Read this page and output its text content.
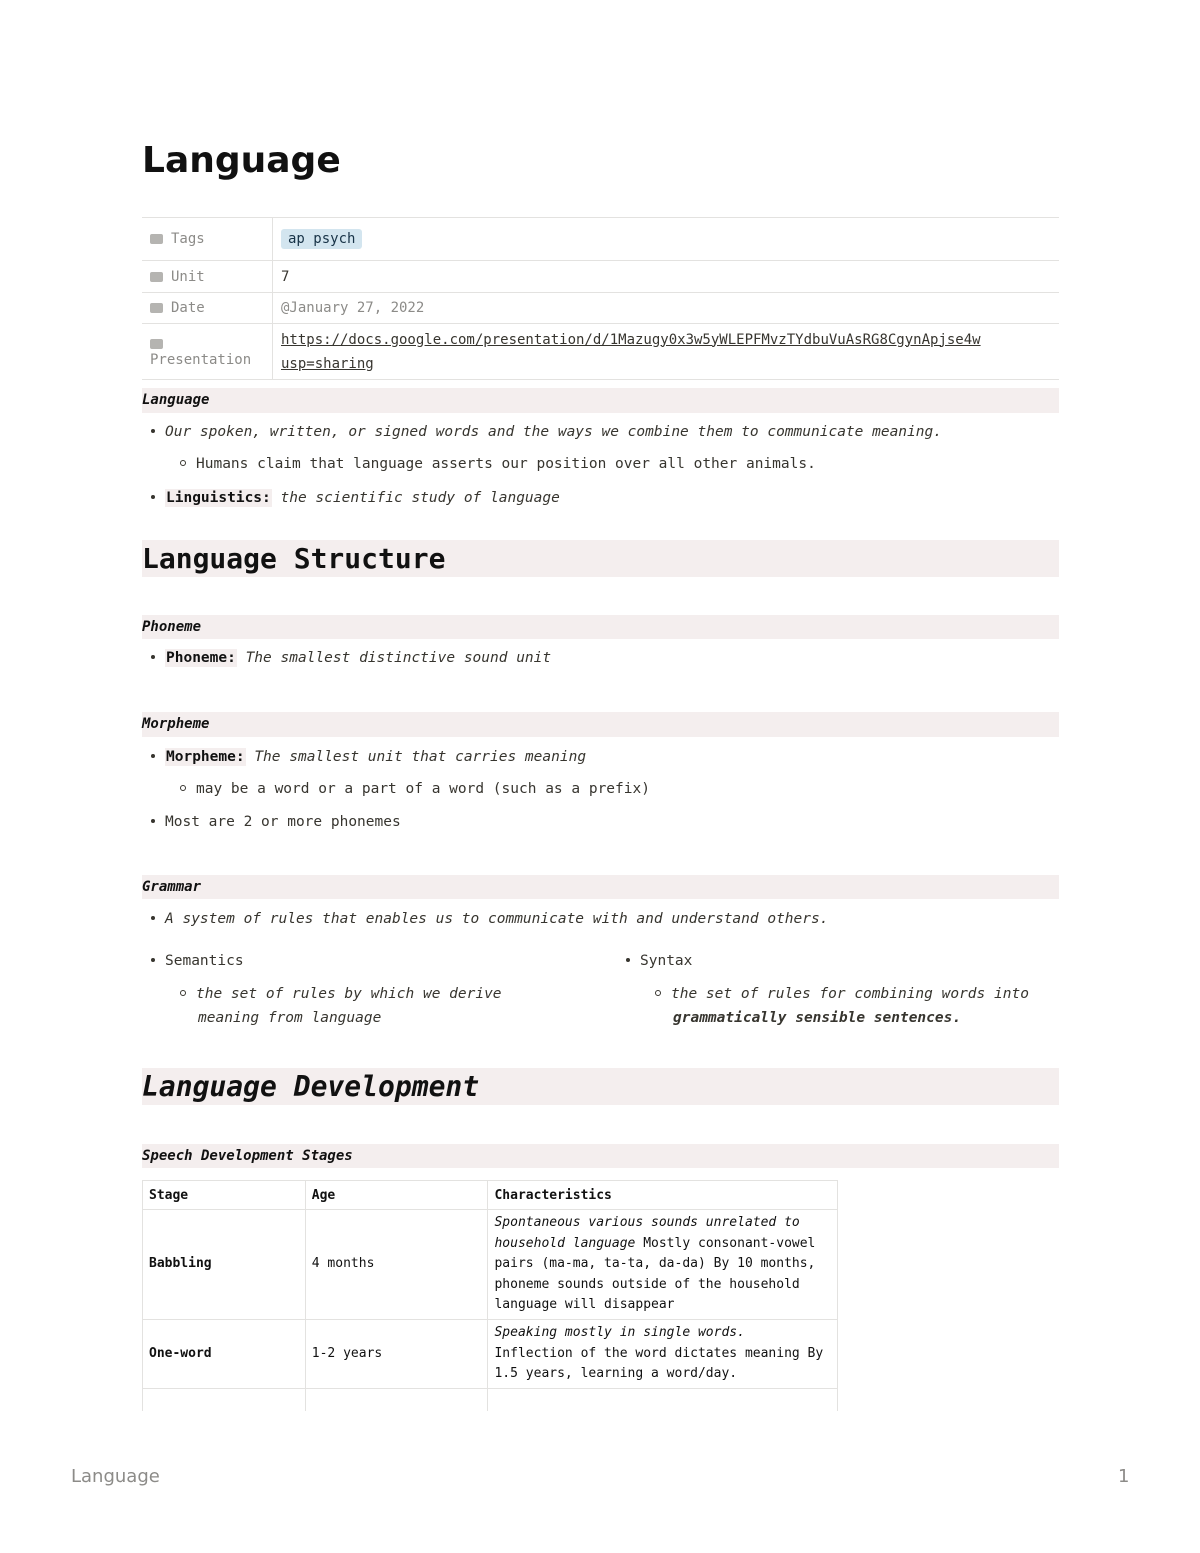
Language
Tags	ap psych
Unit	7
Date	@January 27, 2022

Presentation	https://docs.google.com/presentation/d/1Mazugy0x3w5yWLEPFMvzTYdbuVuAsRG8CgynApjse4w
usp=sharing
Language
Our spoken, written, or signed words and the ways we combine them to communicate meaning.
Humans claim that language asserts our position over all other animals.
Linguistics: the scientific study of language
Language Structure
Phoneme
Phoneme: The smallest distinctive sound unit
Morpheme
Morpheme: The smallest unit that carries meaning
may be a word or a part of a word (such as a prefix)
Most are 2 or more phonemes
Grammar
A system of rules that enables us to communicate with and understand others.
Semantics
the set of rules by which we derive
meaning from language
Syntax
the set of rules for combining words into
grammatically sensible sentences.
Language Development
Speech Development Stages
Stage	Age	Characteristics
Babbling	4 months	Spontaneous various sounds unrelated to household language Mostly consonant-vowel pairs (ma-ma, ta-ta, da-da) By 10 months, phoneme sounds outside of the household language will disappear
One-word	1-2 years	Speaking mostly in single words. Inflection of the word dictates meaning By 1.5 years, learning a word/day.

Language	1
